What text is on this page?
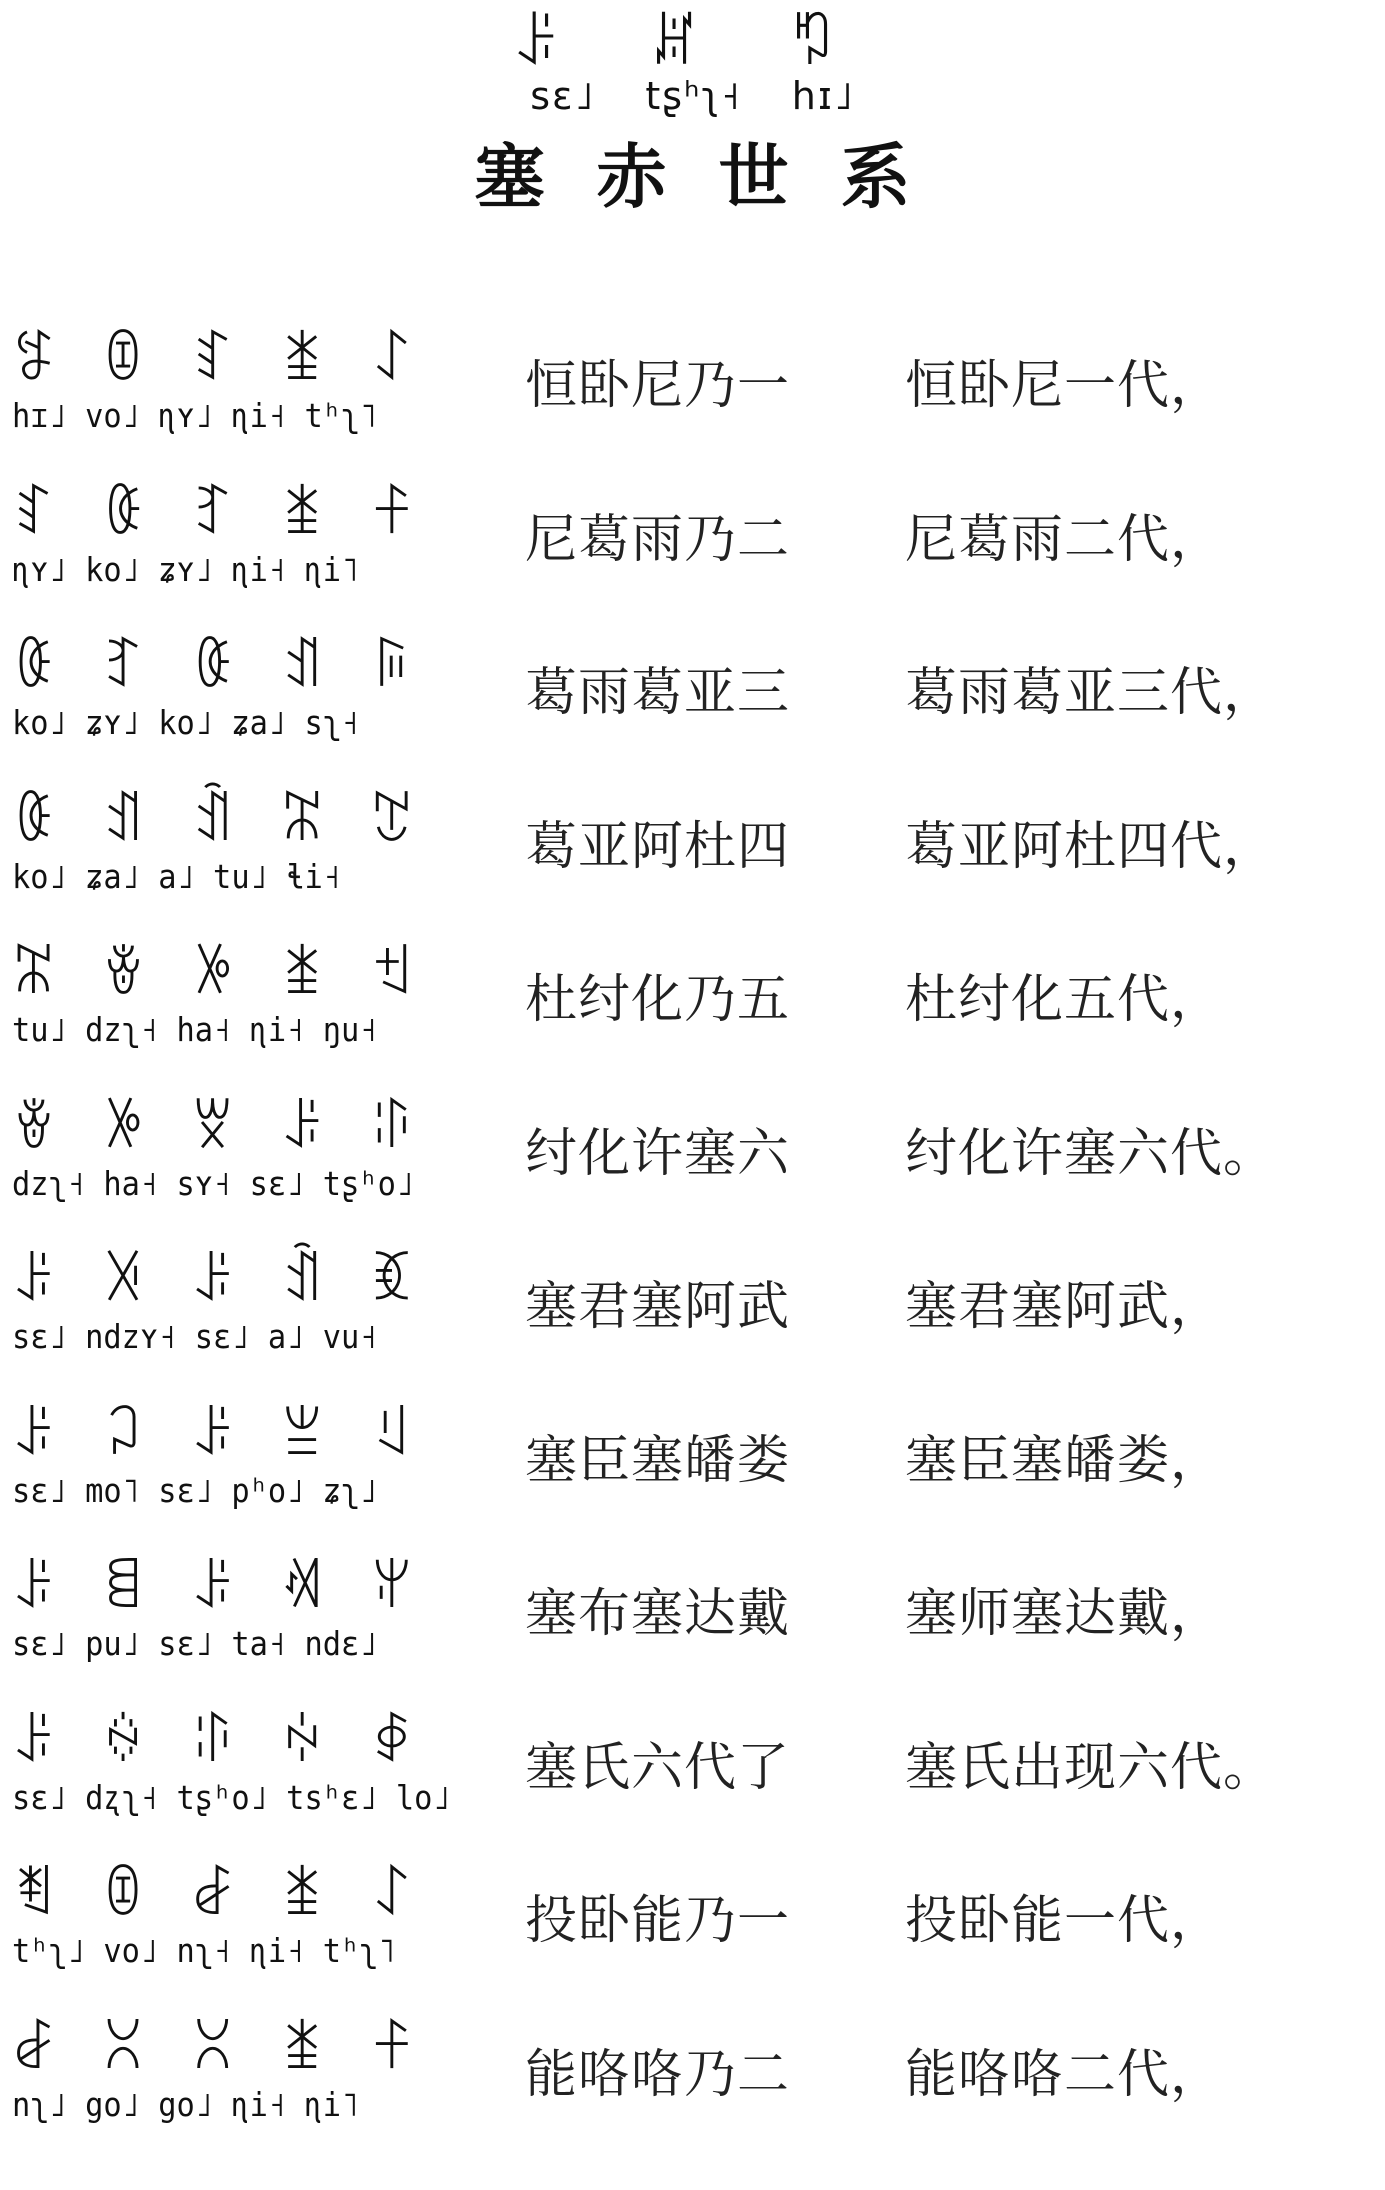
ꌠ ꏦ ꑳ
sɛ˩ tʂʰʅ˧ hɪ˩
塞赤世系
ꉎ ꀧ ꆏ ꁧ ꋍ
hɪ˩ vo˩ ɳʏ˩ ɳi˧ tʰʅ˥	恒卧尼乃一 恒卧尼一代，
ꆏ ꈿ ꆈ ꁧ ꊰ
ɳʏ˩ ko˩ ʑʏ˩ ɳi˧ ɳi˥	尼葛雨乃二 尼葛雨二代，
ꈿ ꆈ ꈿ ꀊ ꌕ
ko˩ ʑʏ˩ ko˩ ʑa˩ sʅ˧	葛雨葛亚三 葛雨葛亚三代，
ꈿ ꀊ ꀉ ꄓ ꇖ
ko˩ ʑa˩ a˩ tu˩ ɬi˧	葛亚阿杜四 葛亚阿杜四代，
ꄓ ꎴ ꉼ ꁧ ꉬ
tu˩ dzʅ˧ ha˧ ɳi˧ ŋu˧	杜纣化乃五 杜纣化五代，
ꎴ ꉼ ꑝ ꌠ ꃘ
dzʅ˧ ha˧ sʏ˧ sɛ˩ tʂʰo˩ 纣化许塞六 纣化许塞六代。
ꌠ ꋌ ꌠ ꀉ ꃶ
sɛ˩ ndzʏ˧ sɛ˩ a˩ vu˧	塞君塞阿武 塞君塞阿武，
ꌠ ꃀ ꌠ ꁈ ꆹ
sɛ˩ mo˥ sɛ˩ pʰo˩ ʑʅ˩	塞臣塞皤娄 塞臣塞皤娄，
ꌠ ꁌ ꌠ ꄊ ꅍ
sɛ˩ pu˩ sɛ˩ ta˧ ndɛ˩	塞布塞达戴 塞师塞达戴，
ꌠ ꍈ ꃘ ꏢ ꇉ
sɛ˩ dʐʅ˧ tʂʰo˩ tsʰɛ˩ lo˩ 塞氏六代了 塞氏出现六代。
ꄮ ꀧ ꆀ ꁧ ꋍ
tʰʅ˩ vo˩ nʅ˧ ɳi˧ tʰʅ˥ 投卧能乃一 投卧能一代，
ꆀ ꇤ ꇤ ꁧ ꊰ
nʅ˩ go˩ go˩ ɳi˧ ɳi˥	能咯咯乃二 能咯咯二代，
